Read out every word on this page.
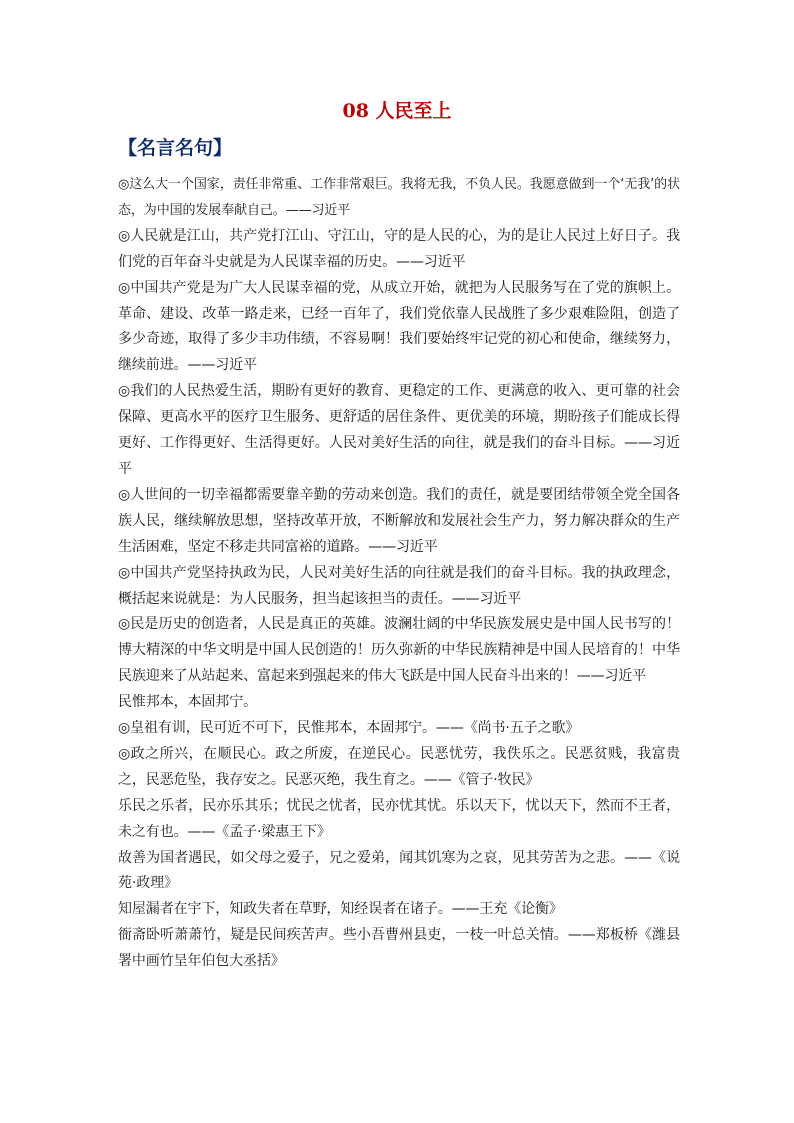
08 人民至上
【名言名句】

◎这么大一个国家，责任非常重、工作非常艰巨。我将无我，不负人民。我愿意做到一个‘无我’的状态，为中国的发展奉献自己。——习近平

◎人民就是江山，共产党打江山、守江山，守的是人民的心，为的是让人民过上好日子。我们党的百年奋斗史就是为人民谋幸福的历史。——习近平

◎中国共产党是为广大人民谋幸福的党，从成立开始，就把为人民服务写在了党的旗帜上。革命、建设、改革一路走来，已经一百年了，我们党依靠人民战胜了多少艰难险阻，创造了多少奇迹，取得了多少丰功伟绩，不容易啊！我们要始终牢记党的初心和使命，继续努力，继续前进。——习近平

◎我们的人民热爱生活，期盼有更好的教育、更稳定的工作、更满意的收入、更可靠的社会保障、更高水平的医疗卫生服务、更舒适的居住条件、更优美的环境，期盼孩子们能成长得更好、工作得更好、生活得更好。人民对美好生活的向往，就是我们的奋斗目标。——习近平

◎人世间的一切幸福都需要靠辛勤的劳动来创造。我们的责任，就是要团结带领全党全国各族人民，继续解放思想，坚持改革开放，不断解放和发展社会生产力，努力解决群众的生产生活困难，坚定不移走共同富裕的道路。——习近平

◎中国共产党坚持执政为民，人民对美好生活的向往就是我们的奋斗目标。我的执政理念，概括起来说就是：为人民服务，担当起该担当的责任。——习近平

◎民是历史的创造者，人民是真正的英雄。波澜壮阔的中华民族发展史是中国人民书写的！博大精深的中华文明是中国人民创造的！历久弥新的中华民族精神是中国人民培育的！中华民族迎来了从站起来、富起来到强起来的伟大飞跃是中国人民奋斗出来的！——习近平

民惟邦本，本固邦宁。

◎皇祖有训，民可近不可下，民惟邦本，本固邦宁。——《尚书·五子之歌》

◎政之所兴，在顺民心。政之所废，在逆民心。民恶忧劳，我佚乐之。民恶贫贱，我富贵之，民恶危坠，我存安之。民恶灭绝，我生育之。——《管子·牧民》

乐民之乐者，民亦乐其乐；忧民之忧者，民亦忧其忧。乐以天下，忧以天下，然而不王者，未之有也。——《孟子·梁惠王下》

故善为国者遇民，如父母之爱子，兄之爱弟，闻其饥寒为之哀，见其劳苦为之悲。——《说苑·政理》

知屋漏者在宇下，知政失者在草野，知经误者在诸子。——王充《论衡》

衙斋卧听萧萧竹，疑是民间疾苦声。些小吾曹州县吏，一枝一叶总关情。——郑板桥《潍县署中画竹呈年伯包大丞括》
